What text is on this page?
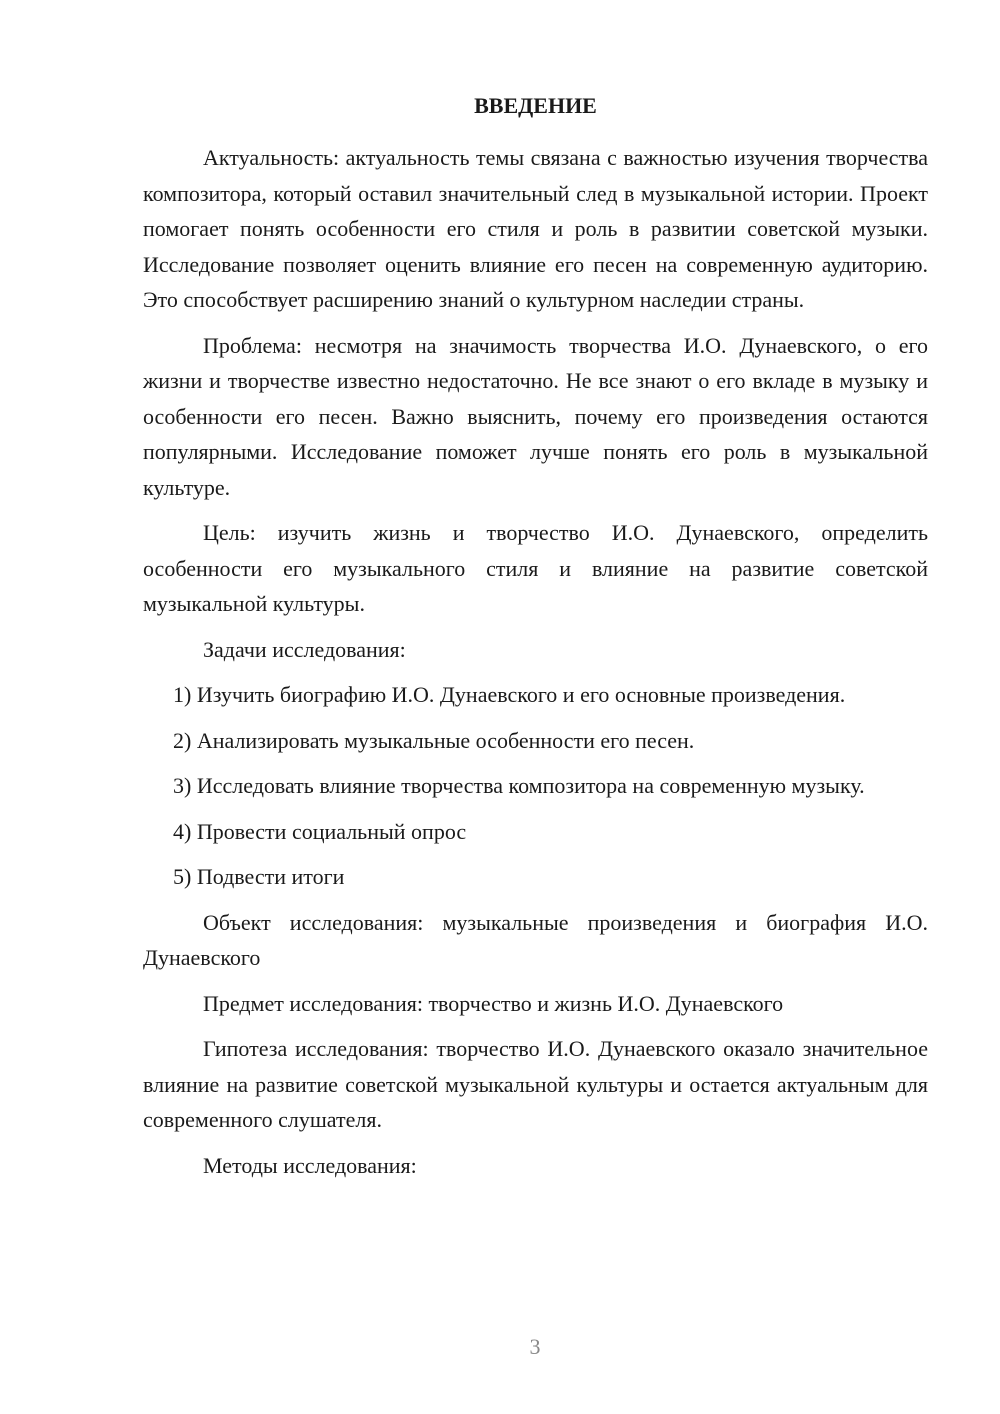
ВВЕДЕНИЕ

Актуальность: актуальность темы связана с важностью изучения творчества композитора, который оставил значительный след в музыкальной истории. Проект помогает понять особенности его стиля и роль в развитии советской музыки. Исследование позволяет оценить влияние его песен на современную аудиторию. Это способствует расширению знаний о культурном наследии страны.

Проблема: несмотря на значимость творчества И.О. Дунаевского, о его жизни и творчестве известно недостаточно. Не все знают о его вкладе в музыку и особенности его песен. Важно выяснить, почему его произведения остаются популярными. Исследование поможет лучше понять его роль в музыкальной культуре.

Цель: изучить жизнь и творчество И.О. Дунаевского, определить особенности его музыкального стиля и влияние на развитие советской музыкальной культуры.

Задачи исследования:

1) Изучить биографию И.О. Дунаевского и его основные произведения.

2) Анализировать музыкальные особенности его песен.

3) Исследовать влияние творчества композитора на современную музыку.

4) Провести социальный опрос

5) Подвести итоги

Объект исследования: музыкальные произведения и биография И.О. Дунаевского

Предмет исследования: творчество и жизнь И.О. Дунаевского

Гипотеза исследования: творчество И.О. Дунаевского оказало значительное влияние на развитие советской музыкальной культуры и остается актуальным для современного слушателя.

Методы исследования:

3
